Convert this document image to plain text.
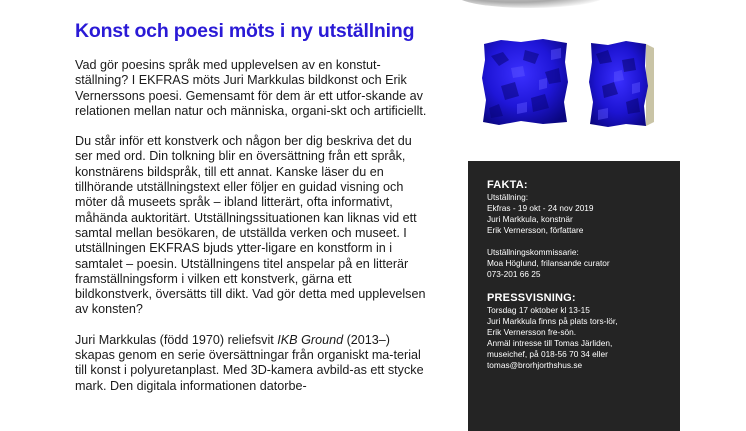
Konst och poesi möts i ny utställning

Vad gör poesins språk med upplevelsen av en konstut-ställning? I EKFRAS möts Juri Markkulas bildkonst och Erik Vernerssons poesi. Gemensamt för dem är ett utfor-skande av relationen mellan natur och människa, organi-skt och artificiellt.

Du står inför ett konstverk och någon ber dig beskriva det du ser med ord. Din tolkning blir en översättning från ett språk, konstnärens bildspråk, till ett annat. Kanske läser du en tillhörande utställningstext eller följer en guidad visning och möter då museets språk – ibland litterärt, ofta informativt, måhända auktoritärt. Utställningssituationen kan liknas vid ett samtal mellan besökaren, de utställda verken och museet. I utställningen EKFRAS bjuds ytter-ligare en konstform in i samtalet – poesin. Utställningens titel anspelar på en litterär framställningsform i vilken ett konstverk, gärna ett bildkonstverk, översätts till dikt. Vad gör detta med upplevelsen av konsten?

Juri Markkulas (född 1970) reliefsvit IKB Ground (2013–) skapas genom en serie översättningar från organiskt ma-terial till konst i polyuretanplast. Med 3D-kamera avbild-as ett stycke mark. Den digitala informationen datorbe-

FAKTA:
Utställning:
Ekfras - 19 okt - 24 nov 2019
Juri Markkula, konstnär
Erik Vernersson, författare
Utställningskommissarie:
Moa Höglund, frilansande curator
073-201 66 25
PRESSVISNING:
Torsdag 17 oktober kl 13-15
Juri Markkula finns på plats tors-lör,
Erik Vernersson fre-sön.
Anmäl intresse till Tomas Järliden,
museichef, på 018-56 70 34 eller
tomas@brorhjorthshus.se
